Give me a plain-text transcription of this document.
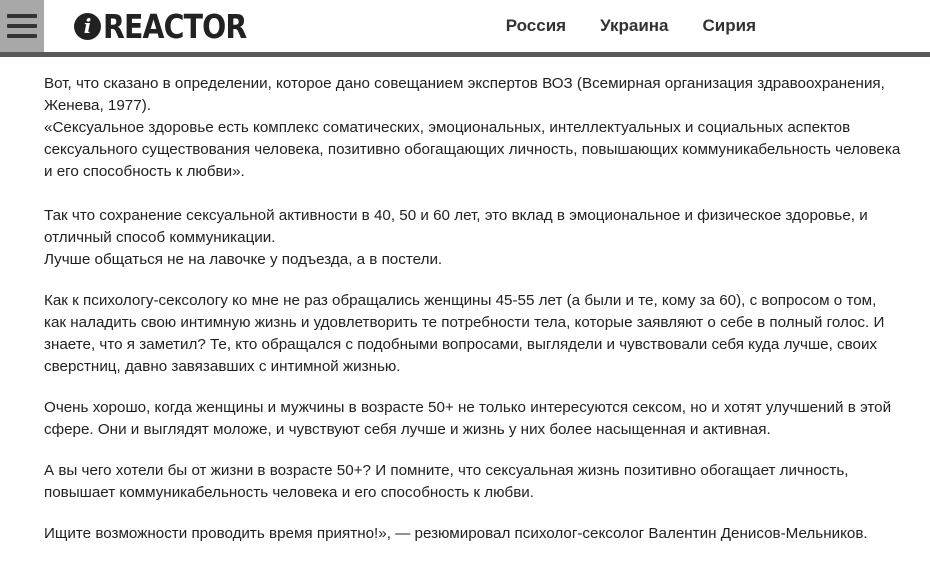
i REACTOR	Россия Украина Сирия

Вот, что сказано в определении, которое дано совещанием экспертов ВОЗ (Всемирная организация здравоохранения, Женева, 1977).

«Сексуальное здоровье есть комплекс соматических, эмоциональных, интеллектуальных и социальных аспектов сексуального существования человека, позитивно обогащающих личность, повышающих коммуникабельность человека и его способность к любви».

Так что сохранение сексуальной активности в 40, 50 и 60 лет, это вклад в эмоциональное и физическое здоровье, и отличный способ коммуникации.

Лучше общаться не на лавочке у подъезда, а в постели.

Как к психологу-сексологу ко мне не раз обращались женщины 45-55 лет (а были и те, кому за 60), с вопросом о том, как наладить свою интимную жизнь и удовлетворить те потребности тела, которые заявляют о себе в полный голос. И знаете, что я заметил? Те, кто обращался с подобными вопросами, выглядели и чувствовали себя куда лучше, своих сверстниц, давно завязавших с интимной жизнью.

Очень хорошо, когда женщины и мужчины в возрасте 50+ не только интересуются сексом, но и хотят улучшений в этой сфере. Они и выглядят моложе, и чувствуют себя лучше и жизнь у них более насыщенная и активная.

А вы чего хотели бы от жизни в возрасте 50+? И помните, что сексуальная жизнь позитивно обогащает личность, повышает коммуникабельность человека и его способность к любви.

Ищите возможности проводить время приятно!», — резюмировал психолог-сексолог Валентин Денисов-Мельников.
